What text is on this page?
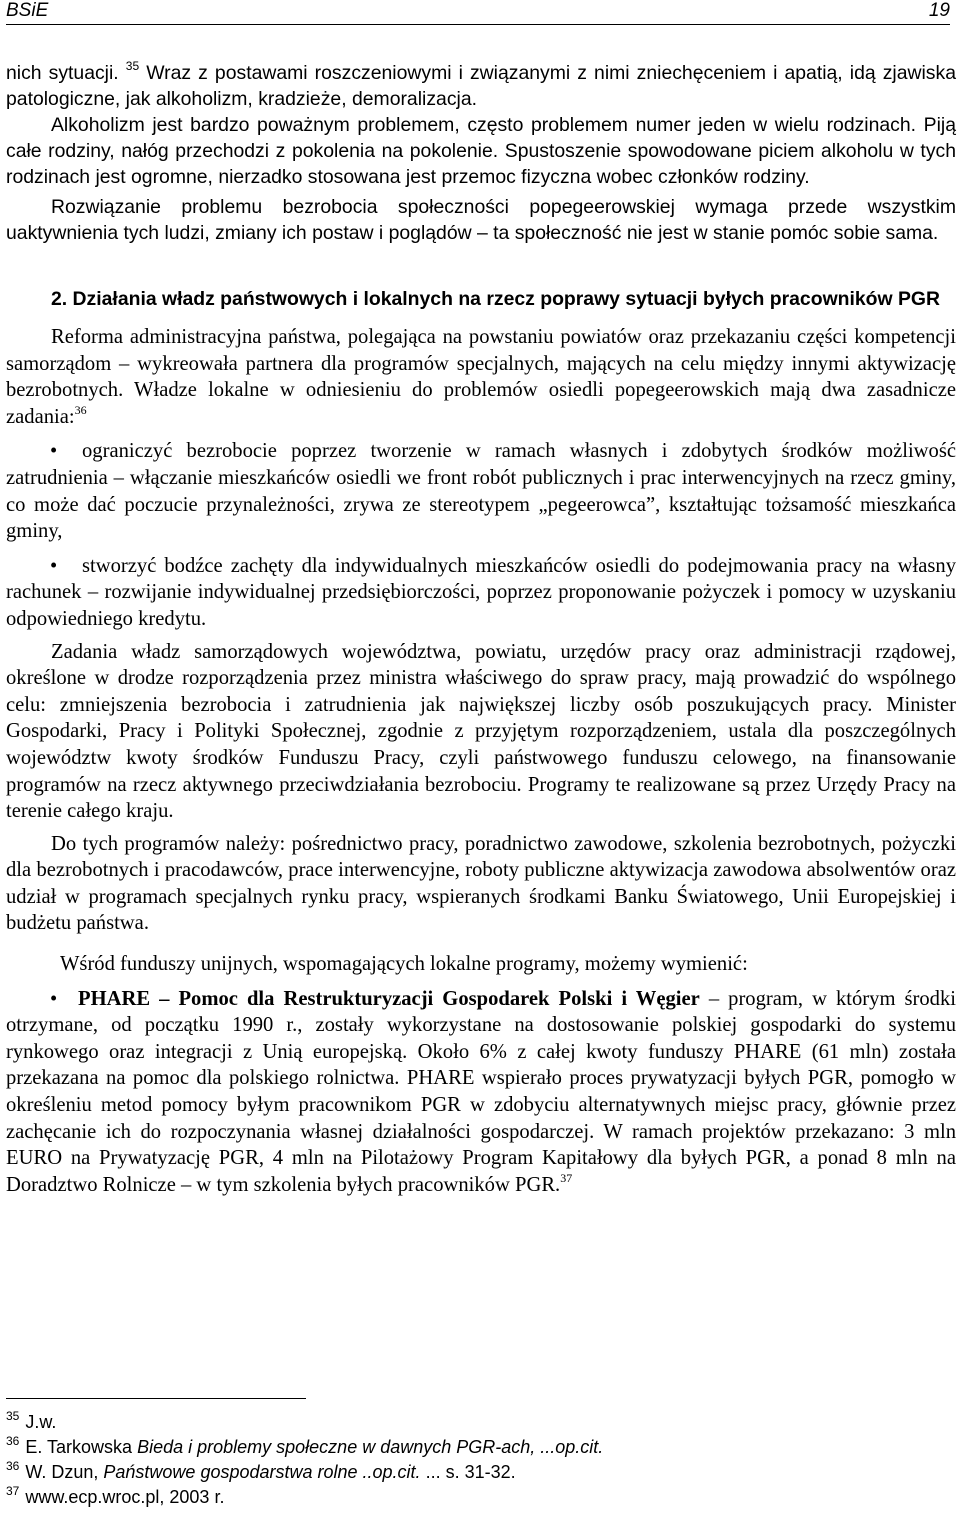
BSiE	19

nich sytuacji. $^{35}$ Wraz z postawami roszczeniowymi i związanymi z nimi zniechęceniem i apatią, idą zjawiska patologiczne, jak alkoholizm, kradzieże, demoralizacja.

Alkoholizm jest bardzo poważnym problemem, często problemem numer jeden w wielu rodzinach. Piją całe rodziny, nałóg przechodzi z pokolenia na pokolenie. Spustoszenie spowodowane piciem alkoholu w tych rodzinach jest ogromne, nierzadko stosowana jest przemoc fizyczna wobec członków rodziny.

Rozwiązanie problemu bezrobocia społeczności popegeerowskiej wymaga przede wszystkim uaktywnienia tych ludzi, zmiany ich postaw i poglądów – ta społeczność nie jest w stanie pomóc sobie sama.

2. Działania władz państwowych i lokalnych na rzecz poprawy sytuacji byłych pracowników PGR

Reforma administracyjna państwa, polegająca na powstaniu powiatów oraz przekazaniu części kompetencji samorządom – wykreowała partnera dla programów specjalnych, mających na celu między innymi aktywizację bezrobotnych. Władze lokalne w odniesieniu do problemów osiedli popegeerowskich mają dwa zasadnicze zadania:$^{36}$

• ograniczyć bezrobocie poprzez tworzenie w ramach własnych i zdobytych środków możliwość zatrudnienia – włączanie mieszkańców osiedli we front robót publicznych i prac interwencyjnych na rzecz gminy, co może dać poczucie przynależności, zrywa ze stereotypem „pegeerowca”, kształtując tożsamość mieszkańca gminy,

• stworzyć bodźce zachęty dla indywidualnych mieszkańców osiedli do podejmowania pracy na własny rachunek – rozwijanie indywidualnej przedsiębiorczości, poprzez proponowanie pożyczek i pomocy w uzyskaniu odpowiedniego kredytu.

Zadania władz samorządowych województwa, powiatu, urzędów pracy oraz administracji rządowej, określone w drodze rozporządzenia przez ministra właściwego do spraw pracy, mają prowadzić do wspólnego celu: zmniejszenia bezrobocia i zatrudnienia jak największej liczby osób poszukujących pracy. Minister Gospodarki, Pracy i Polityki Społecznej, zgodnie z przyjętym rozporządzeniem, ustala dla poszczególnych województw kwoty środków Funduszu Pracy, czyli państwowego funduszu celowego, na finansowanie programów na rzecz aktywnego przeciwdziałania bezrobociu. Programy te realizowane są przez Urzędy Pracy na terenie całego kraju.

Do tych programów należy: pośrednictwo pracy, poradnictwo zawodowe, szkolenia bezrobotnych, pożyczki dla bezrobotnych i pracodawców, prace interwencyjne, roboty publiczne aktywizacja zawodowa absolwentów oraz udział w programach specjalnych rynku pracy, wspieranych środkami Banku Światowego, Unii Europejskiej i budżetu państwa.

Wśród funduszy unijnych, wspomagających lokalne programy, możemy wymienić:

• PHARE – Pomoc dla Restrukturyzacji Gospodarek Polski i Węgier – program, w którym środki otrzymane, od początku 1990 r., zostały wykorzystane na dostosowanie polskiej gospodarki do systemu rynkowego oraz integracji z Unią europejską. Około 6% z całej kwoty funduszy PHARE (61 mln) została przekazana na pomoc dla polskiego rolnictwa. PHARE wspierało proces prywatyzacji byłych PGR, pomogło w określeniu metod pomocy byłym pracownikom PGR w zdobyciu alternatywnych miejsc pracy, głównie przez zachęcanie ich do rozpoczynania własnej działalności gospodarczej. W ramach projektów przekazano: 3 mln EURO na Prywatyzację PGR, 4 mln na Pilotażowy Program Kapitałowy dla byłych PGR, a ponad 8 mln na Doradztwo Rolnicze – w tym szkolenia byłych pracowników PGR.$^{37}$

$^{35}$ J.w.
$^{36}$ E. Tarkowska Bieda i problemy społeczne w dawnych PGR-ach, ...op.cit.
$^{36}$ W. Dzun, Państwowe gospodarstwa rolne ..op.cit. ... s. 31-32.
$^{37}$ www.ecp.wroc.pl, 2003 r.
